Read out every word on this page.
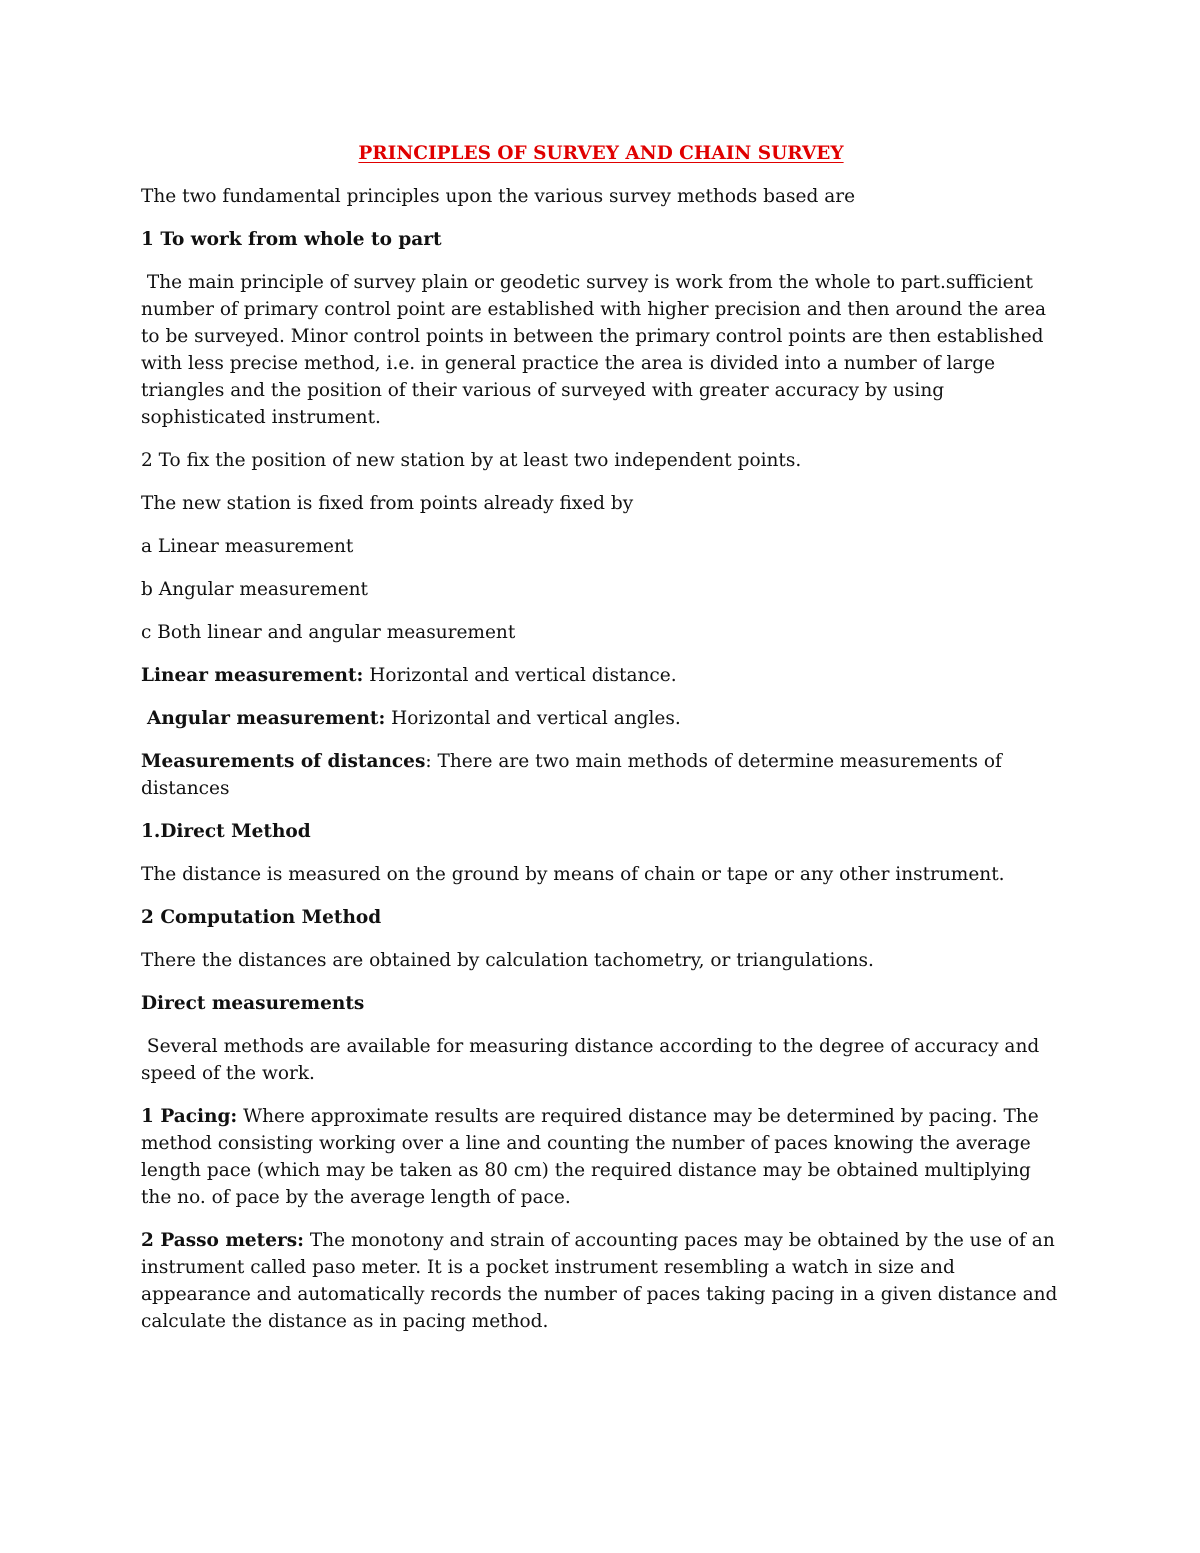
PRINCIPLES OF SURVEY AND CHAIN SURVEY

The two fundamental principles upon the various survey methods based are

1 To work from whole to part

The main principle of survey plain or geodetic survey is work from the whole to part.sufficient number of primary control point are established with higher precision and then around the area to be surveyed. Minor control points in between the primary control points are then established with less precise method, i.e. in general practice the area is divided into a number of large triangles and the position of their various of surveyed with greater accuracy by using sophisticated instrument.

2 To fix the position of new station by at least two independent points.

The new station is fixed from points already fixed by

a Linear measurement

b Angular measurement

c Both linear and angular measurement

Linear measurement: Horizontal and vertical distance.

Angular measurement: Horizontal and vertical angles.

Measurements of distances: There are two main methods of determine measurements of distances

1.Direct Method

The distance is measured on the ground by means of chain or tape or any other instrument.

2 Computation Method

There the distances are obtained by calculation tachometry, or triangulations.

Direct measurements

Several methods are available for measuring distance according to the degree of accuracy and speed of the work.

1 Pacing: Where approximate results are required distance may be determined by pacing. The method consisting working over a line and counting the number of paces knowing the average length pace (which may be taken as 80 cm) the required distance may be obtained multiplying the no. of pace by the average length of pace.

2 Passo meters: The monotony and strain of accounting paces may be obtained by the use of an instrument called paso meter. It is a pocket instrument resembling a watch in size and appearance and automatically records the number of paces taking pacing in a given distance and calculate the distance as in pacing method.
